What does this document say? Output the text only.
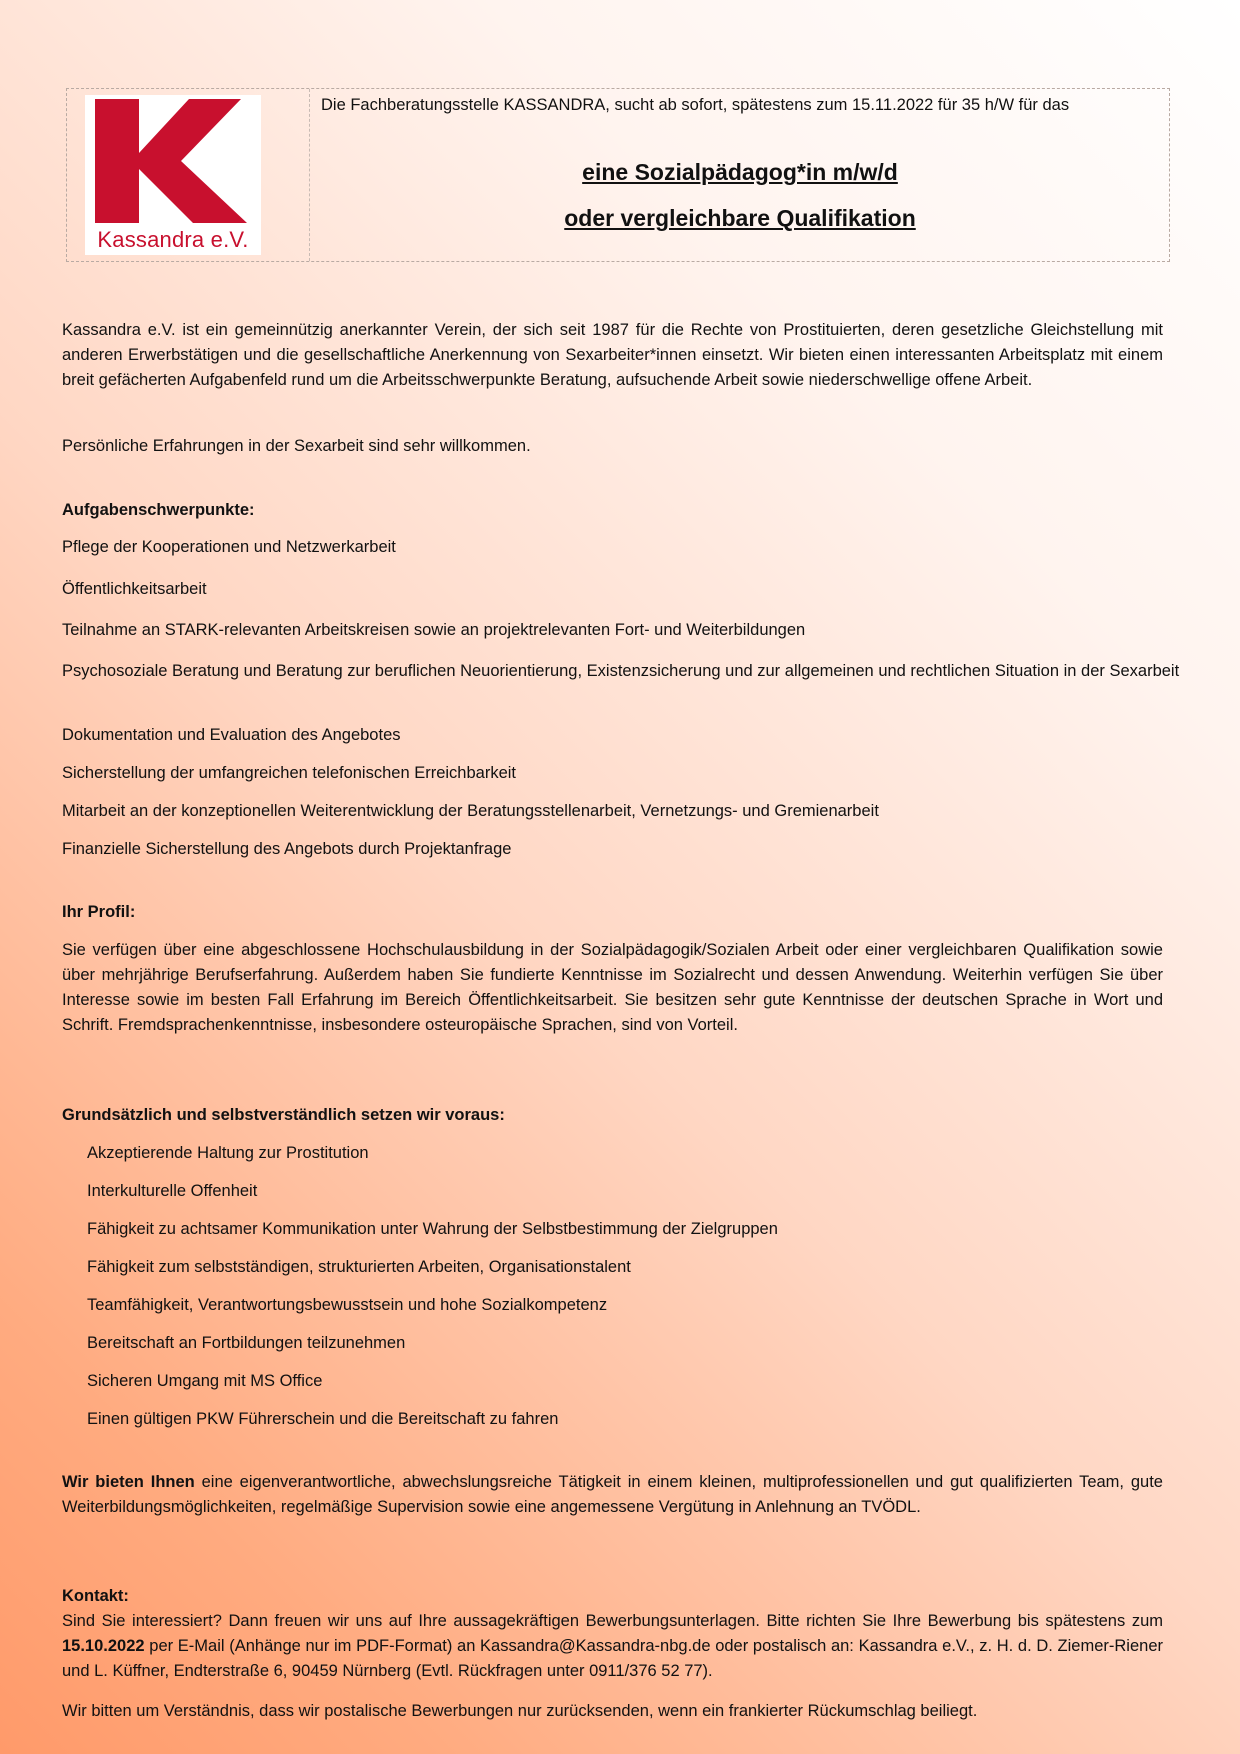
Kassandra e.V.
Die Fachberatungsstelle KASSANDRA, sucht ab sofort, spätestens zum 15.11.2022 für 35 h/W für das
eine Sozialpädagog*in m/w/d
oder vergleichbare Qualifikation
Kassandra e.V. ist ein gemeinnützig anerkannter Verein, der sich seit 1987 für die Rechte von Prostituierten, deren gesetzliche Gleichstellung mit anderen Erwerbstätigen und die gesellschaftliche Anerkennung von Sexarbeiter*innen einsetzt. Wir bieten einen interessanten Arbeitsplatz mit einem breit gefächerten Aufgabenfeld rund um die Arbeitsschwerpunkte Beratung, aufsuchende Arbeit sowie niederschwellige offene Arbeit.
Persönliche Erfahrungen in der Sexarbeit sind sehr willkommen.
Aufgabenschwerpunkte:
Pflege der Kooperationen und Netzwerkarbeit
Öffentlichkeitsarbeit
Teilnahme an STARK-relevanten Arbeitskreisen sowie an projektrelevanten Fort- und Weiterbildungen
Psychosoziale Beratung und Beratung zur beruflichen Neuorientierung, Existenzsicherung und zur allgemeinen und rechtlichen Situation in der Sexarbeit
Dokumentation und Evaluation des Angebotes
Sicherstellung der umfangreichen telefonischen Erreichbarkeit
Mitarbeit an der konzeptionellen Weiterentwicklung der Beratungsstellenarbeit, Vernetzungs- und Gremienarbeit
Finanzielle Sicherstellung des Angebots durch Projektanfrage
Ihr Profil:
Sie verfügen über eine abgeschlossene Hochschulausbildung in der Sozialpädagogik/Sozialen Arbeit oder einer vergleichbaren Qualifikation sowie über mehrjährige Berufserfahrung. Außerdem haben Sie fundierte Kenntnisse im Sozialrecht und dessen Anwendung. Weiterhin verfügen Sie über Interesse sowie im besten Fall Erfahrung im Bereich Öffentlichkeitsarbeit. Sie besitzen sehr gute Kenntnisse der deutschen Sprache in Wort und Schrift. Fremdsprachenkenntnisse, insbesondere osteuropäische Sprachen, sind von Vorteil.
Grundsätzlich und selbstverständlich setzen wir voraus:
Akzeptierende Haltung zur Prostitution
Interkulturelle Offenheit
Fähigkeit zu achtsamer Kommunikation unter Wahrung der Selbstbestimmung der Zielgruppen
Fähigkeit zum selbstständigen, strukturierten Arbeiten, Organisationstalent
Teamfähigkeit, Verantwortungsbewusstsein und hohe Sozialkompetenz
Bereitschaft an Fortbildungen teilzunehmen
Sicheren Umgang mit MS Office
Einen gültigen PKW Führerschein und die Bereitschaft zu fahren
Wir bieten Ihnen eine eigenverantwortliche, abwechslungsreiche Tätigkeit in einem kleinen, multiprofessionellen und gut qualifizierten Team, gute Weiterbildungsmöglichkeiten, regelmäßige Supervision sowie eine angemessene Vergütung in Anlehnung an TVÖDL.
Kontakt:
Sind Sie interessiert? Dann freuen wir uns auf Ihre aussagekräftigen Bewerbungsunterlagen. Bitte richten Sie Ihre Bewerbung bis spätestens zum 15.10.2022 per E-Mail (Anhänge nur im PDF-Format) an Kassandra@Kassandra-nbg.de oder postalisch an: Kassandra e.V., z. H. d. D. Ziemer-Riener und L. Küffner, Endterstraße 6, 90459 Nürnberg (Evtl. Rückfragen unter 0911/376 52 77).
Wir bitten um Verständnis, dass wir postalische Bewerbungen nur zurücksenden, wenn ein frankierter Rückumschlag beiliegt.
